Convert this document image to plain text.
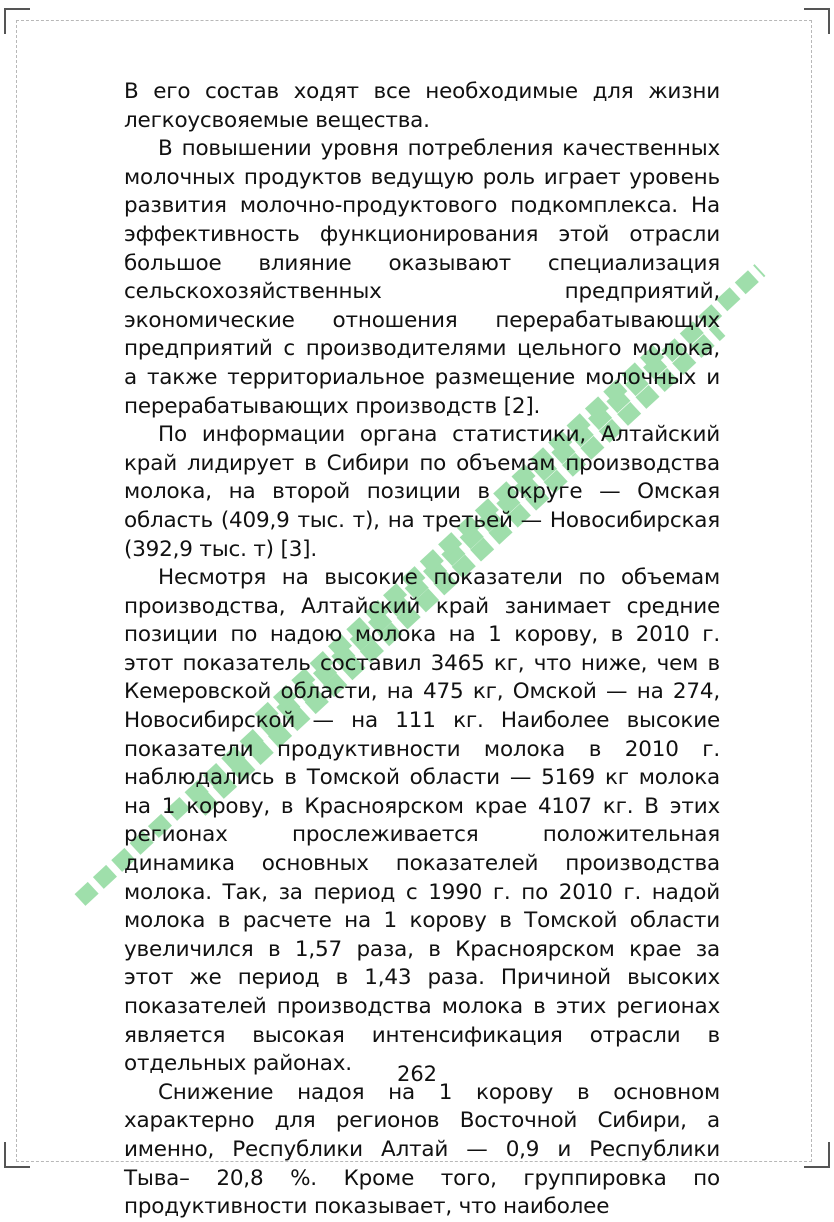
В его состав ходят все необходимые для жизни легкоусвояемые вещества.

В повышении уровня потребления качественных молочных продуктов ведущую роль играет уровень развития молочно-продуктового подкомплекса. На эффективность функционирования этой отрасли большое влияние оказывают специализация сельскохозяйственных предприятий, экономические отношения перерабатывающих предприятий с производителями цельного молока, а также территориальное размещение молочных и перерабатывающих производств [2].

По информации органа статистики, Алтайский край лидирует в Сибири по объемам производства молока, на второй позиции в округе — Омская область (409,9 тыс. т), на третьей — Новосибирская (392,9 тыс. т) [3].

Несмотря на высокие показатели по объемам производства, Алтайский край занимает средние позиции по надою молока на 1 корову, в 2010 г. этот показатель составил 3465 кг, что ниже, чем в Кемеровской области, на 475 кг, Омской — на 274, Новосибирской — на 111 кг. Наиболее высокие показатели продуктивности молока в 2010 г. наблюдались в Томской области — 5169 кг молока на 1 корову, в Красноярском крае 4107 кг. В этих регионах прослеживается положительная динамика основных показателей производства молока. Так, за период с 1990 г. по 2010 г. надой молока в расчете на 1 корову в Томской области увеличился в 1,57 раза, в Красноярском крае за этот же период в 1,43 раза. Причиной высоких показателей производства молока в этих регионах является высокая интенсификация отрасли в отдельных районах.

Снижение надоя на 1 корову в основном характерно для регионов Восточной Сибири, а именно, Республики Алтай — 0,9 и Республики Тыва– 20,8 %. Кроме того, группировка по продуктивности показывает, что наиболее

262
